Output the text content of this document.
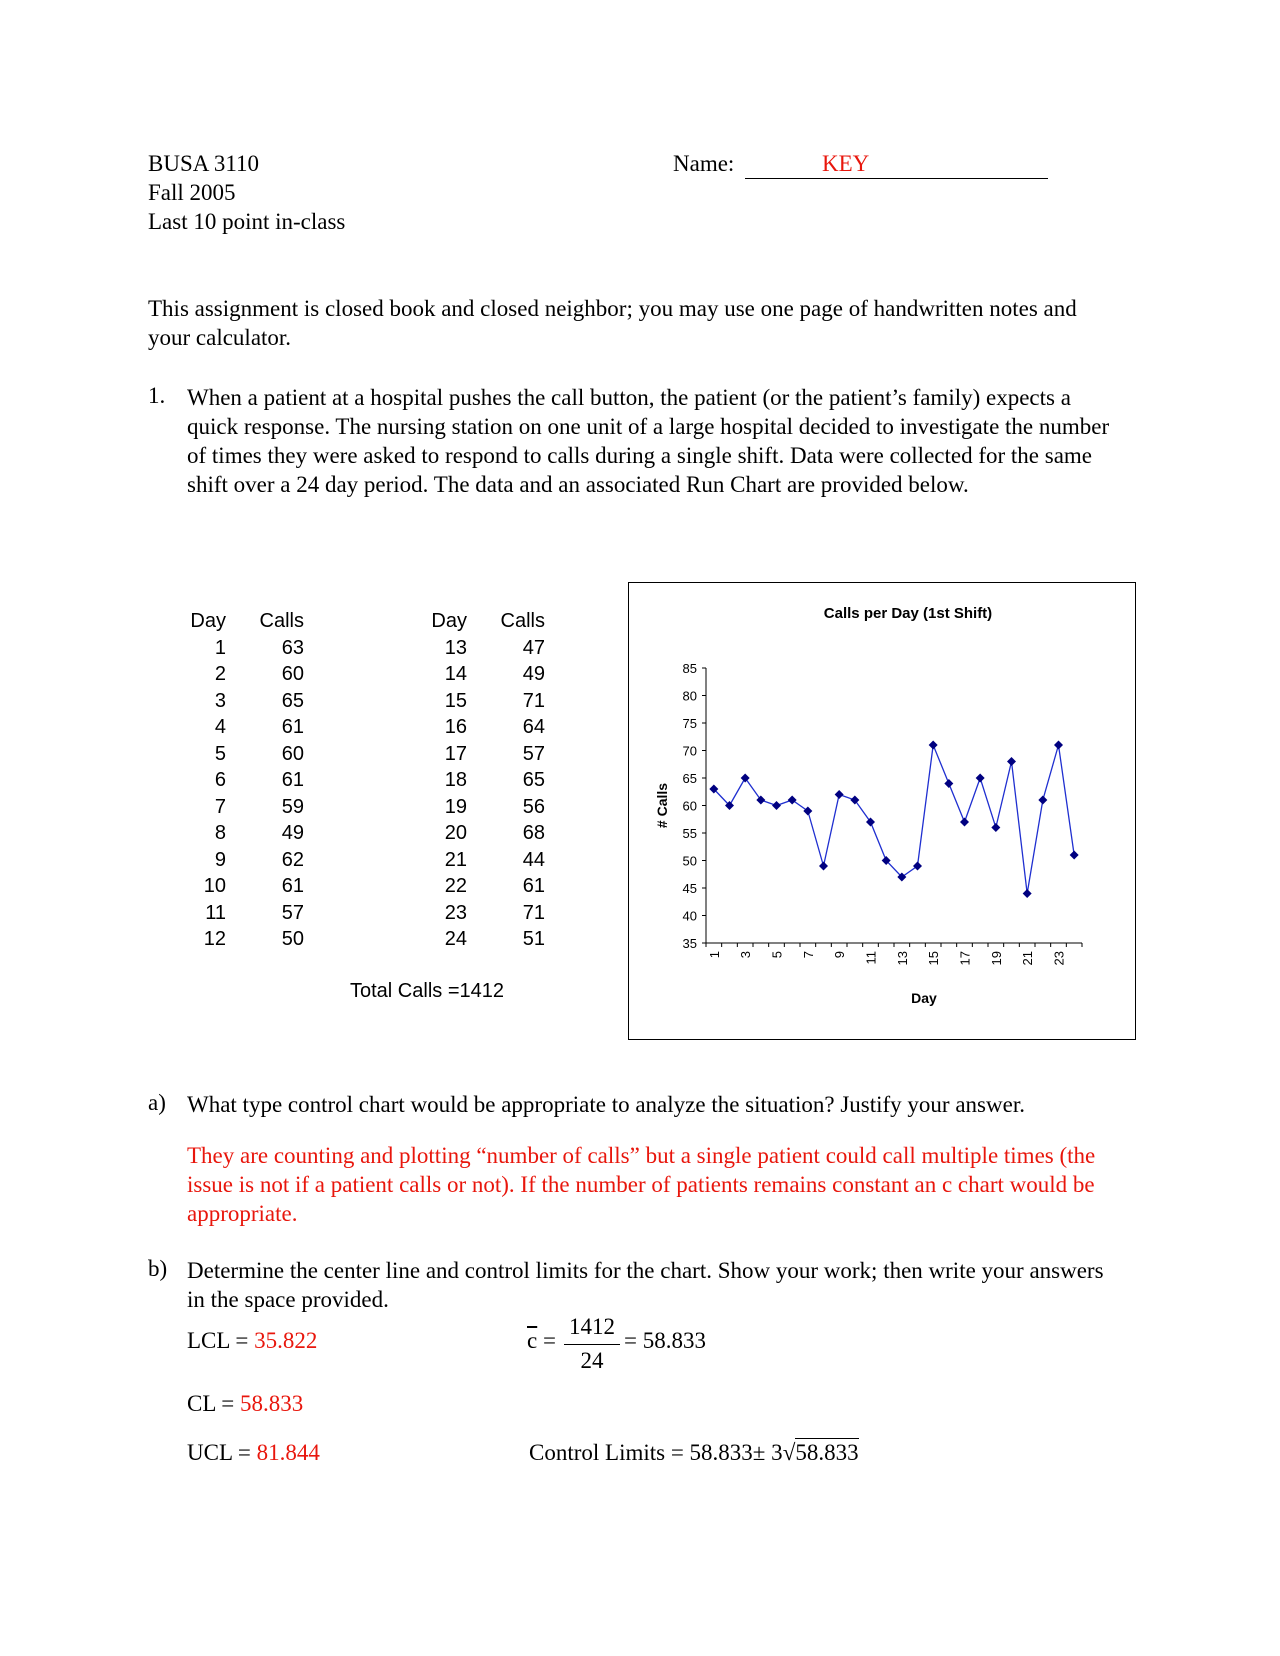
BUSA 3110
Fall 2005
Last 10 point in-class
Name:	KEY
This assignment is closed book and closed neighbor; you may use one page of handwritten notes and your calculator.
1. When a patient at a hospital pushes the call button, the patient (or the patient’s family) expects a quick response. The nursing station on one unit of a large hospital decided to investigate the number of times they were asked to respond to calls during a single shift. Data were collected for the same shift over a 24 day period. The data and an associated Run Chart are provided below.
Day	Calls
1	63
2	60
3	65
4	61
5	60
6	61
7	59
8	49
9	62
10	61
11	57
12	50
Day	Calls
13	47
14	49
15	71
16	64
17	57
18	65
19	56
20	68
21	44
22	61
23	71
24	51
Total Calls =1412
Calls per Day (1st Shift)
35
40
45
50
55
60
65
70
75
80
85
# Calls
1 3 5 7 9 11 13 15 17 19 21 23
Day
a) What type control chart would be appropriate to analyze the situation? Justify your answer.
They are counting and plotting “number of calls” but a single patient could call multiple times (the issue is not if a patient calls or not). If the number of patients remains constant an c chart would be appropriate.
b) Determine the center line and control limits for the chart. Show your work; then write your answers in the space provided.
LCL = 35.822
CL = 58.833
UCL = 81.844
$\overline{c}$ =
1412
24
= 58.833
Control Limits = 58.833± 3√58.833
